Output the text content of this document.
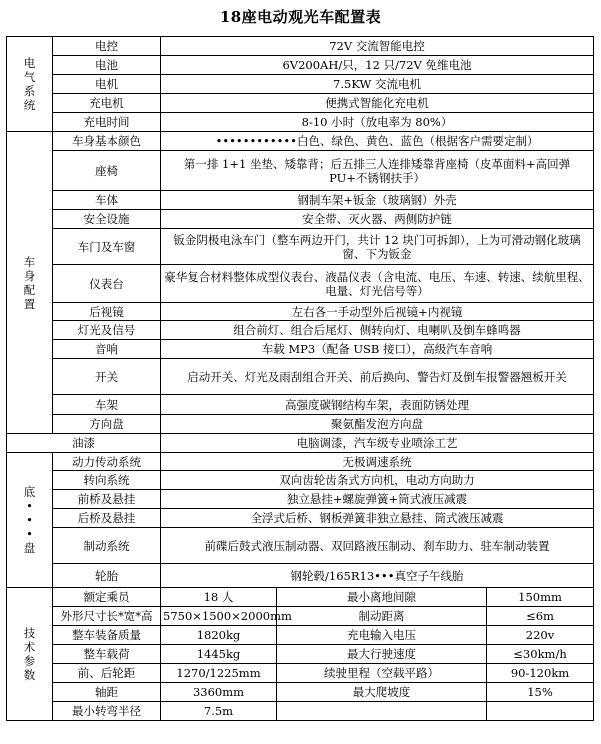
18座电动观光车配置表
电
气
系
统	电控	72V 交流智能电控		
	电池	6V200AH/只，12 只/72V 免维电池		
	电机	7.5KW 交流电机		
	充电机	便携式智能化充电机		
	充电时间	8-10 小时（放电率为 80%）		

车
身
配
置	车身基本颜色	••••••••••••白色、绿色、黄色、蓝色（根据客户需要定制）		
	座椅	第一排 1+1 坐垫、矮靠背；后五排三人连排矮靠背座椅（皮革面料+高回弹 PU+不锈钢扶手）		
	车体	钢制车架+钣金（玻璃钢）外壳		
	安全设施	安全带、灭火器、两侧防护链		
	车门及车窗	钣金阴极电泳车门（整车两边开门，共计 12 块门可拆卸），上为可滑动钢化玻璃窗、下为钣金		
	仪表台	豪华复合材料整体成型仪表台、液晶仪表（含电流、电压、车速、转速、续航里程、电量、灯光信号等）		
	后视镜	左右各一手动型外后视镜+内视镜		
	灯光及信号	组合前灯、组合后尾灯、侧转向灯、电喇叭及倒车蜂鸣器		
	音响	车载 MP3（配备 USB 接口），高级汽车音响		
	开关	启动开关、灯光及雨刮组合开关、前后换向、警告灯及倒车报警器翘板开关		
	车架	高强度碳钢结构车架，表面防锈处理		
	方向盘	聚氨酯发泡方向盘		
油漆		电脑调漆，汽车级专业喷涂工艺		

底
•
•
•
盘	动力传动系统	无极调速系统		
	转向系统	双向齿轮齿条式方向机，电动方向助力		
	前桥及悬挂	独立悬挂+螺旋弹簧+筒式液压减震		
	后桥及悬挂	全浮式后桥、钢板弹簧非独立悬挂、筒式液压减震		
	制动系统	前碟后鼓式液压制动器、双回路液压制动、刹车助力、驻车制动装置		
	轮胎	钢轮毂/165R13•••真空子午线胎		

技
术
参
数	额定乘员	18 人	最小离地间隙	150mm
	外形尺寸长*宽*高	5750×1500×2000mm	制动距离	≤6m
	整车装备质量	1820kg	充电输入电压	220v
	整车载荷	1445kg	最大行驶速度	≤30km/h
	前、后轮距	1270/1225mm	续驶里程（空载平路）	90-120km
	轴距	3360mm	最大爬坡度	15%
	最小转弯半径	7.5m		
